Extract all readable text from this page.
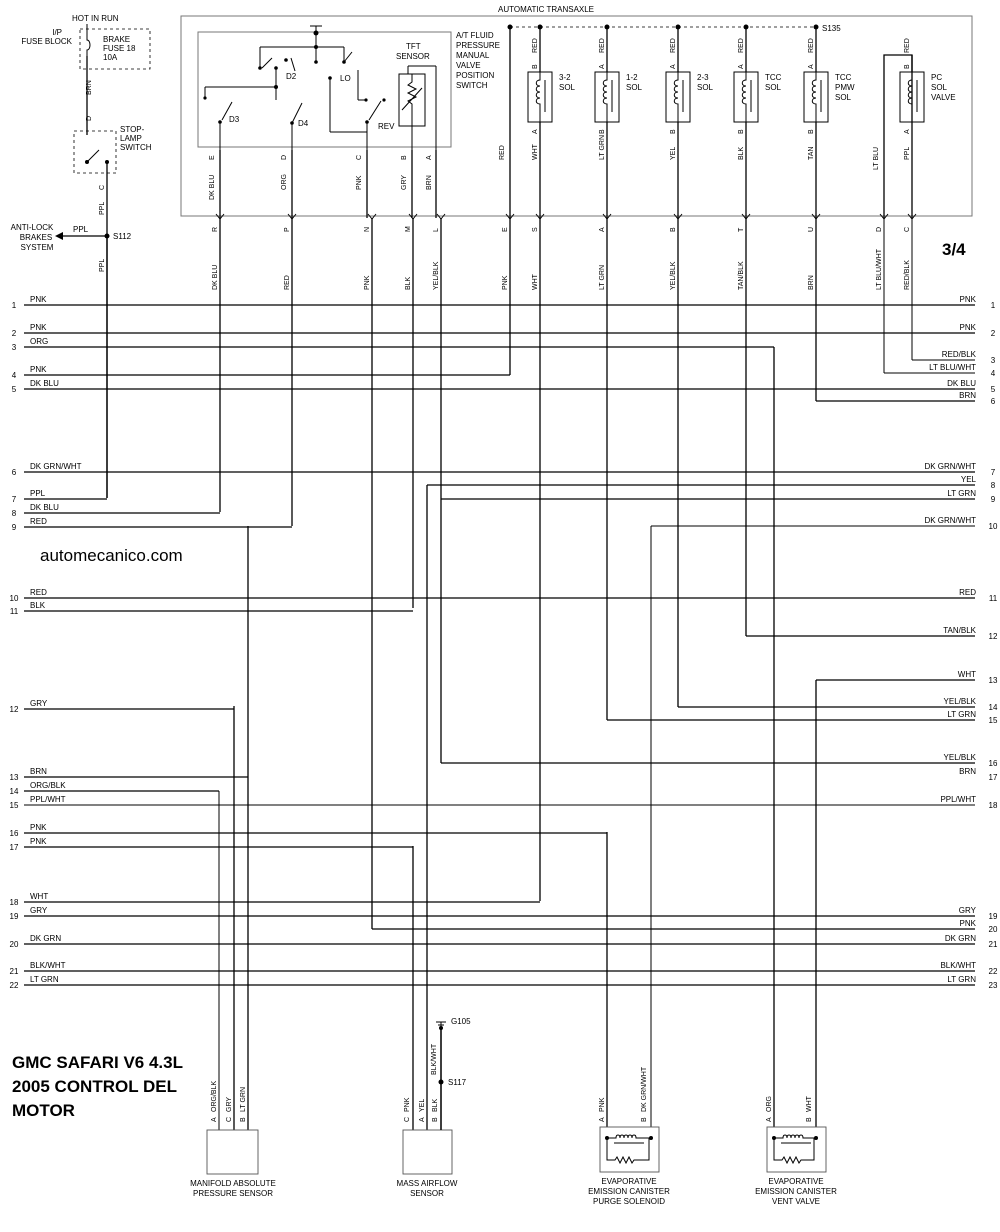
HOT IN RUN
I/P
FUSE BLOCK	BRAKE
FUSE 18
10A
BRN
D
STOP-
LAMP
SWITCH
C
PPL
S112
PPL
ANTI-LOCK
BRAKES
SYSTEM
PPL
AUTOMATIC TRANSAXLE
A/T FLUID
PRESSURE
MANUAL
VALVE
POSITION
SWITCH
D2	LO
D3	D4	REV
TFT
SENSOR
S135
B
RED
A
WHT
3-2
SOL
A
RED
B
LT GRN
1-2
SOL
A
RED
B
YEL
2-3
SOL
A
RED
B
BLK
TCC
SOL
A
RED
B
TAN
TCC
PMW
SOL
B
RED
A
PPL
PC
SOL
VALVE
E
DK BLU
D
ORG
C
PNK
B
GRY
A
BRN
RED	LT BLU
R
DK BLU
P
RED
N
PNK
M
BLK
L
YEL/BLK
E
PNK
S
WHT
A
LT GRN
B
YEL/BLK
T
TAN/BLK
U
BRN
D
LT BLU/WHT
C
RED/BLK
3/4
1
PNK
2
PNK
3
ORG
4
PNK
5
DK BLU
6
DK GRN/WHT
7
PPL
8
DK BLU
9
RED
10
RED
11
BLK
12
GRY
13
BRN
14
ORG/BLK
15
PPL/WHT
16
PNK
17
PNK
18
WHT
19
GRY
20
DK GRN
21
BLK/WHT
22
LT GRN
1
PNK
2
PNK
3
RED/BLK
4
LT BLU/WHT
5
DK BLU
6
BRN
7
DK GRN/WHT
8
YEL
9
LT GRN
10
DK GRN/WHT
11
RED
12
TAN/BLK
13
WHT
14
YEL/BLK
15
LT GRN
16
YEL/BLK
17
BRN
18
PPL/WHT
19
GRY
20
PNK
21
DK GRN
22
BLK/WHT
23
LT GRN
A
ORG/BLK
C
GRY
B
LT GRN
MANIFOLD ABSOLUTE
PRESSURE SENSOR
G105
S117
BLK/WHT
C
PNK
A
YEL
B
BLK
MASS AIRFLOW
SENSOR
A
PNK
B
DK GRN/WHT
EVAPORATIVE
EMISSION CANISTER
PURGE SOLENOID
A
ORG
B
WHT
EVAPORATIVE
EMISSION CANISTER
VENT VALVE
automecanico.com
GMC SAFARI V6 4.3L
2005 CONTROL DEL
MOTOR
